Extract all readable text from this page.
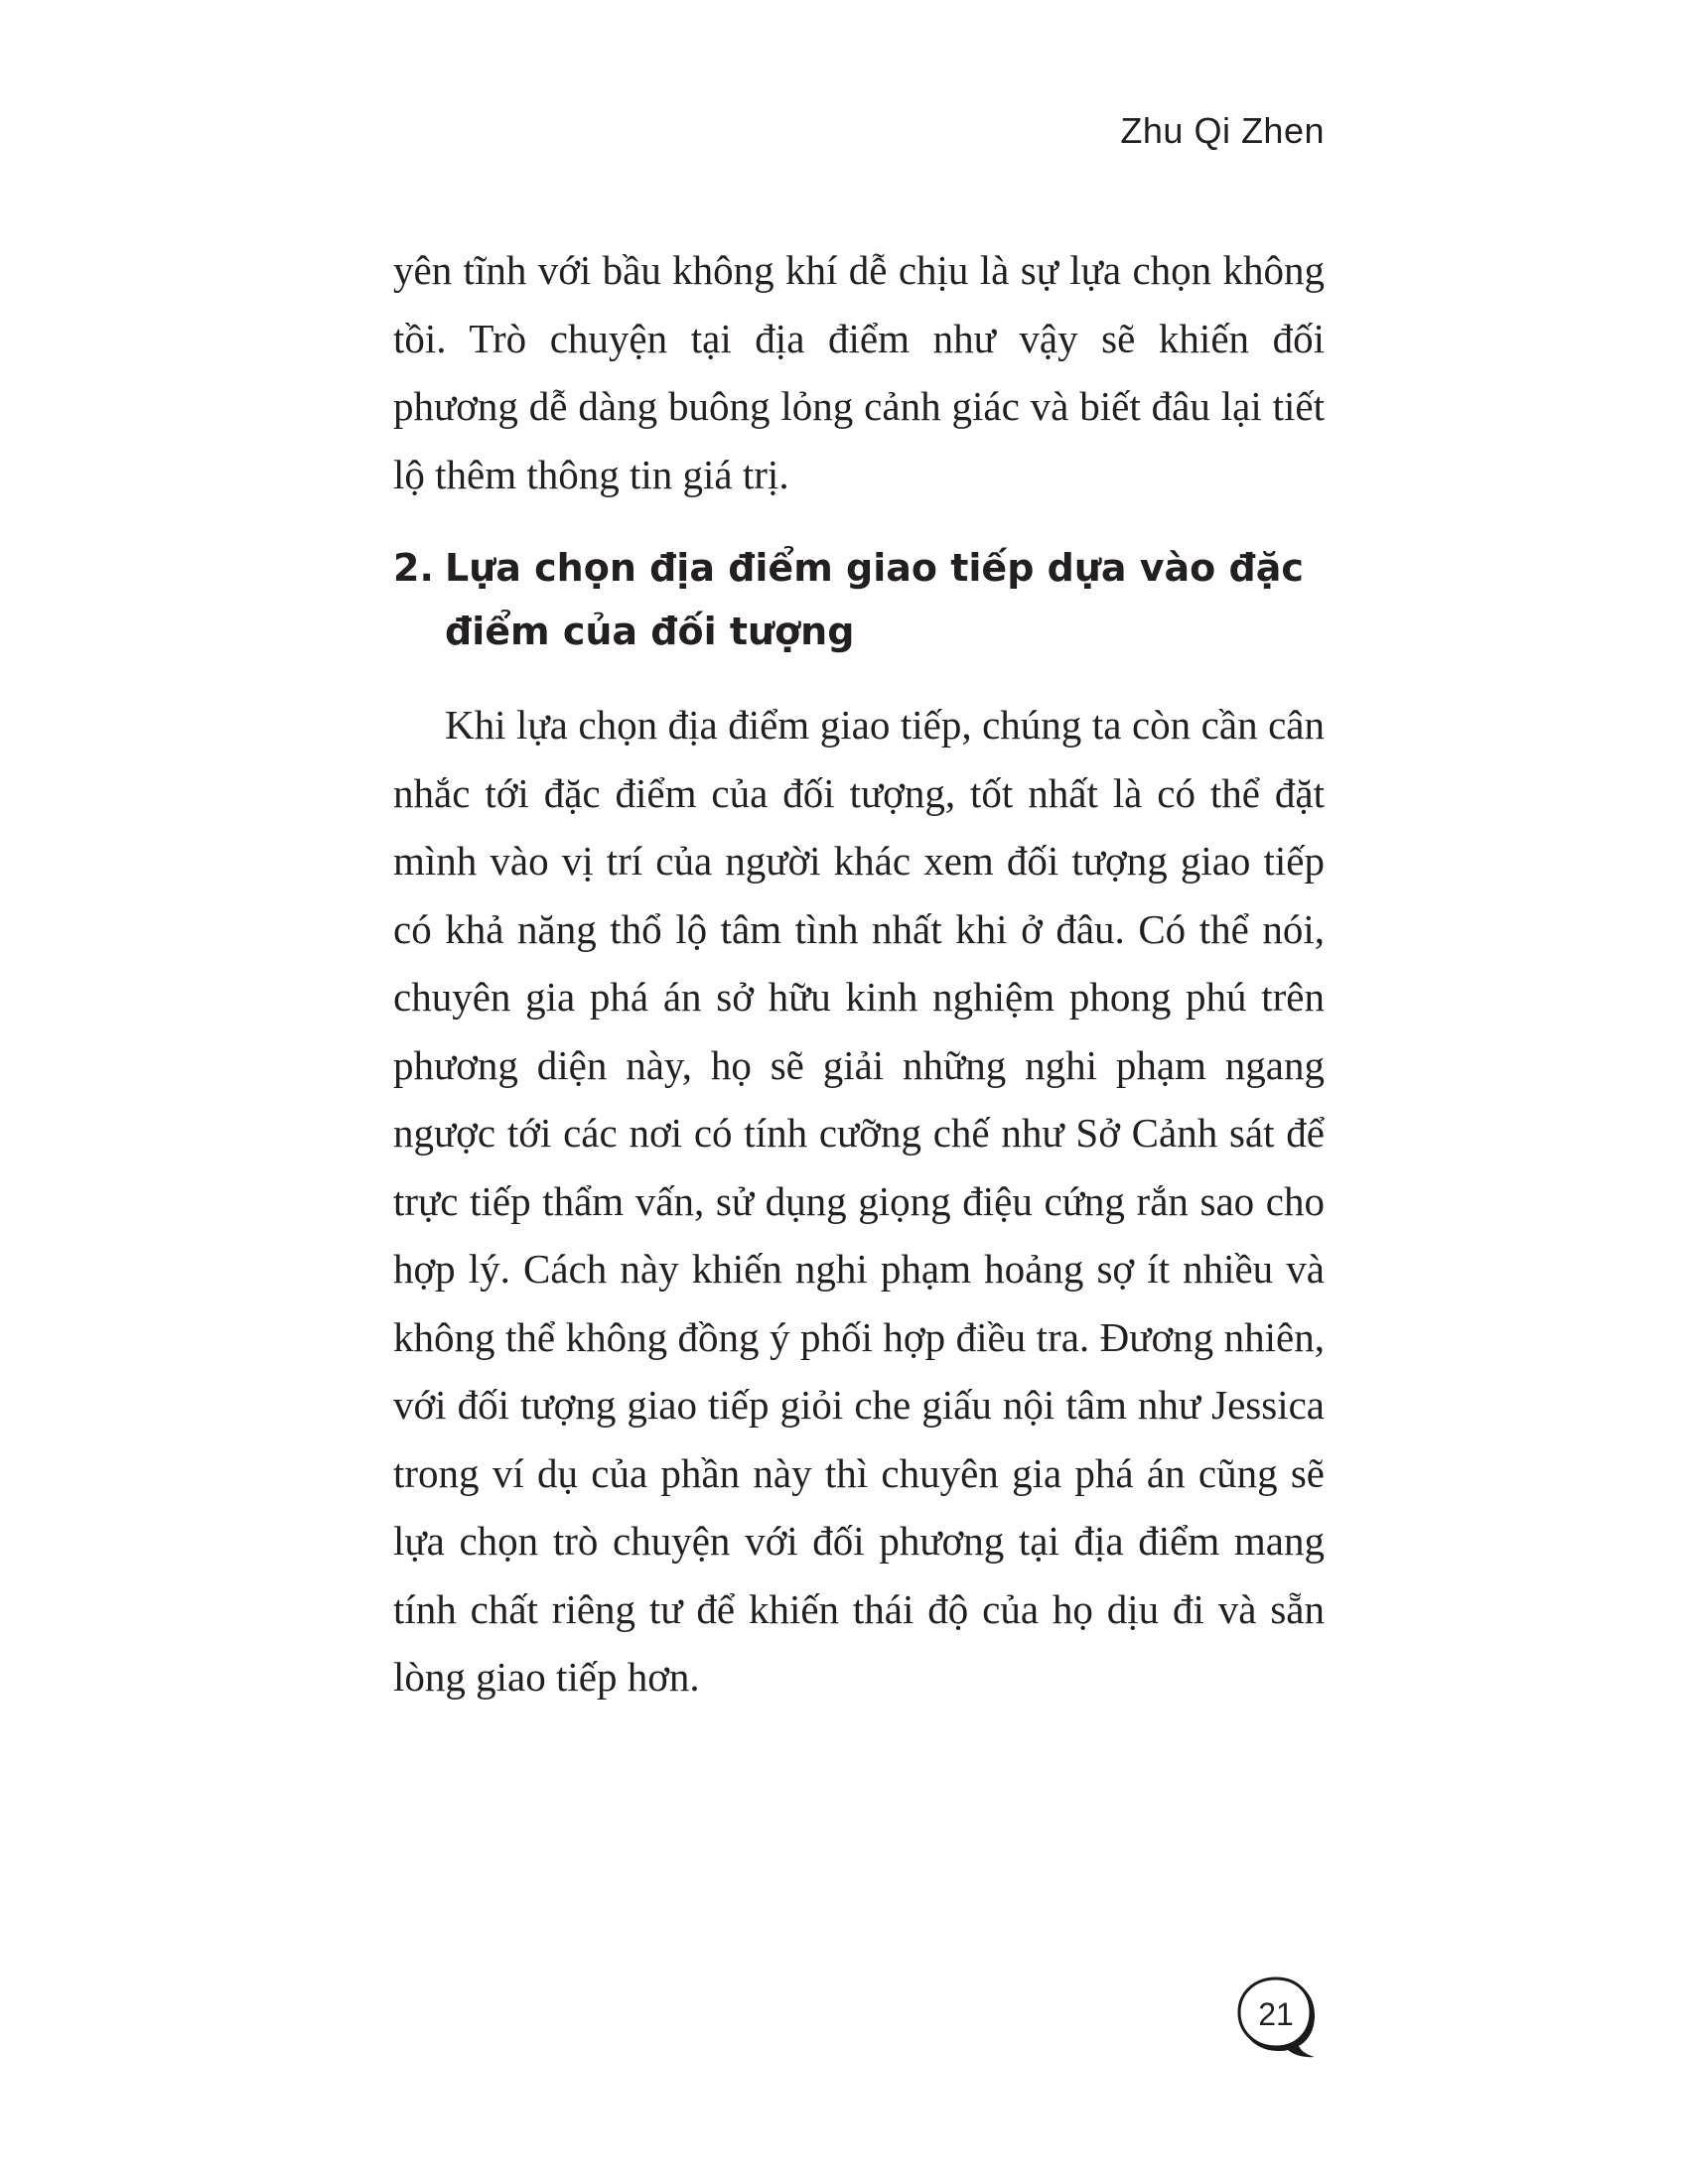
Zhu Qi Zhen

yên tĩnh với bầu không khí dễ chịu là sự lựa chọn không tồi. Trò chuyện tại địa điểm như vậy sẽ khiến đối phương dễ dàng buông lỏng cảnh giác và biết đâu lại tiết lộ thêm thông tin giá trị.

2. Lựa chọn địa điểm giao tiếp dựa vào đặc điểm của đối tượng

Khi lựa chọn địa điểm giao tiếp, chúng ta còn cần cân nhắc tới đặc điểm của đối tượng, tốt nhất là có thể đặt mình vào vị trí của người khác xem đối tượng giao tiếp có khả năng thổ lộ tâm tình nhất khi ở đâu. Có thể nói, chuyên gia phá án sở hữu kinh nghiệm phong phú trên phương diện này, họ sẽ giải những nghi phạm ngang ngược tới các nơi có tính cưỡng chế như Sở Cảnh sát để trực tiếp thẩm vấn, sử dụng giọng điệu cứng rắn sao cho hợp lý. Cách này khiến nghi phạm hoảng sợ ít nhiều và không thể không đồng ý phối hợp điều tra. Đương nhiên, với đối tượng giao tiếp giỏi che giấu nội tâm như Jessica trong ví dụ của phần này thì chuyên gia phá án cũng sẽ lựa chọn trò chuyện với đối phương tại địa điểm mang tính chất riêng tư để khiến thái độ của họ dịu đi và sẵn lòng giao tiếp hơn.

21
